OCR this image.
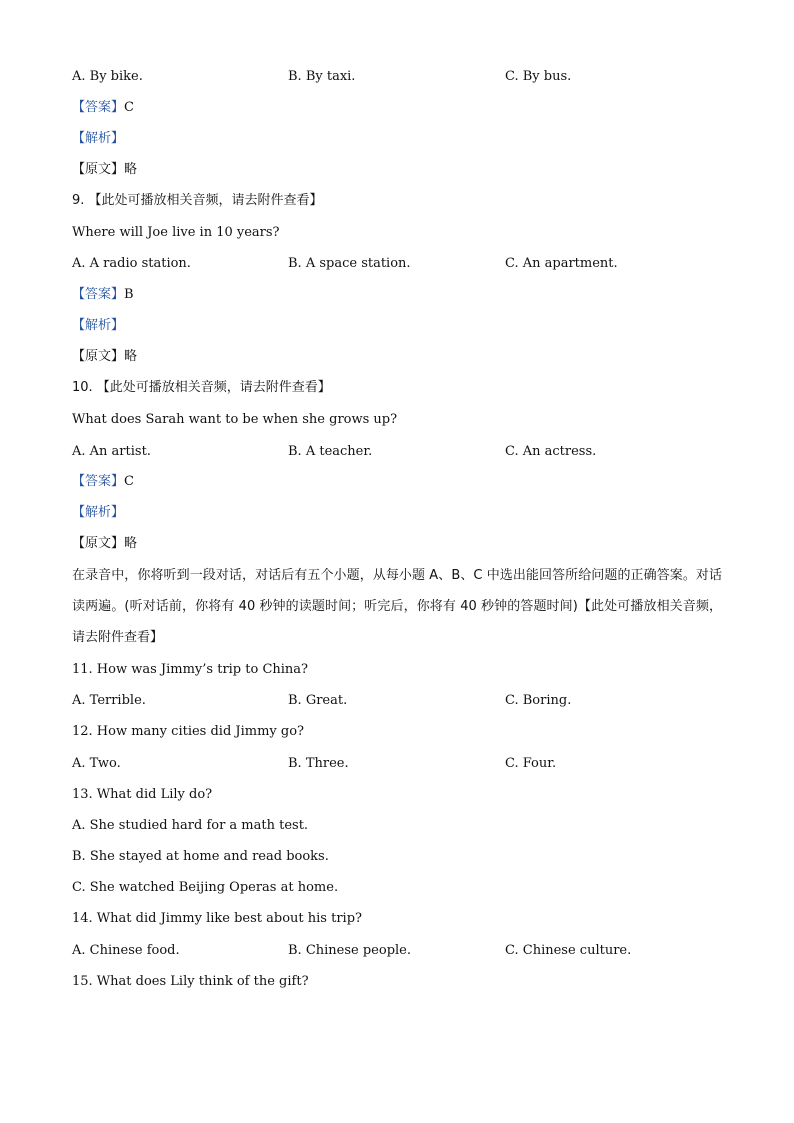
A. By bike.	B. By taxi.	C. By bus.
【答案】C
【解析】
【原文】略
9. 【此处可播放相关音频，请去附件查看】
Where will Joe live in 10 years?
A. A radio station.	B. A space station.	C. An apartment.
【答案】B
【解析】
【原文】略
10. 【此处可播放相关音频，请去附件查看】
What does Sarah want to be when she grows up?
A. An artist.	B. A teacher.	C. An actress.
【答案】C
【解析】
【原文】略
在录音中，你将听到一段对话，对话后有五个小题，从每小题 A、B、C 中选出能回答所给问题的正确答案。对话读两遍。(听对话前，你将有 40 秒钟的读题时间；听完后，你将有 40 秒钟的答题时间)【此处可播放相关音频，请去附件查看】
11. How was Jimmy’s trip to China?
A. Terrible.	B. Great.	C. Boring.
12. How many cities did Jimmy go?
A. Two.	B. Three.	C. Four.
13. What did Lily do?
A. She studied hard for a math test.
B. She stayed at home and read books.
C. She watched Beijing Operas at home.
14. What did Jimmy like best about his trip?
A. Chinese food.	B. Chinese people.	C. Chinese culture.
15. What does Lily think of the gift?
